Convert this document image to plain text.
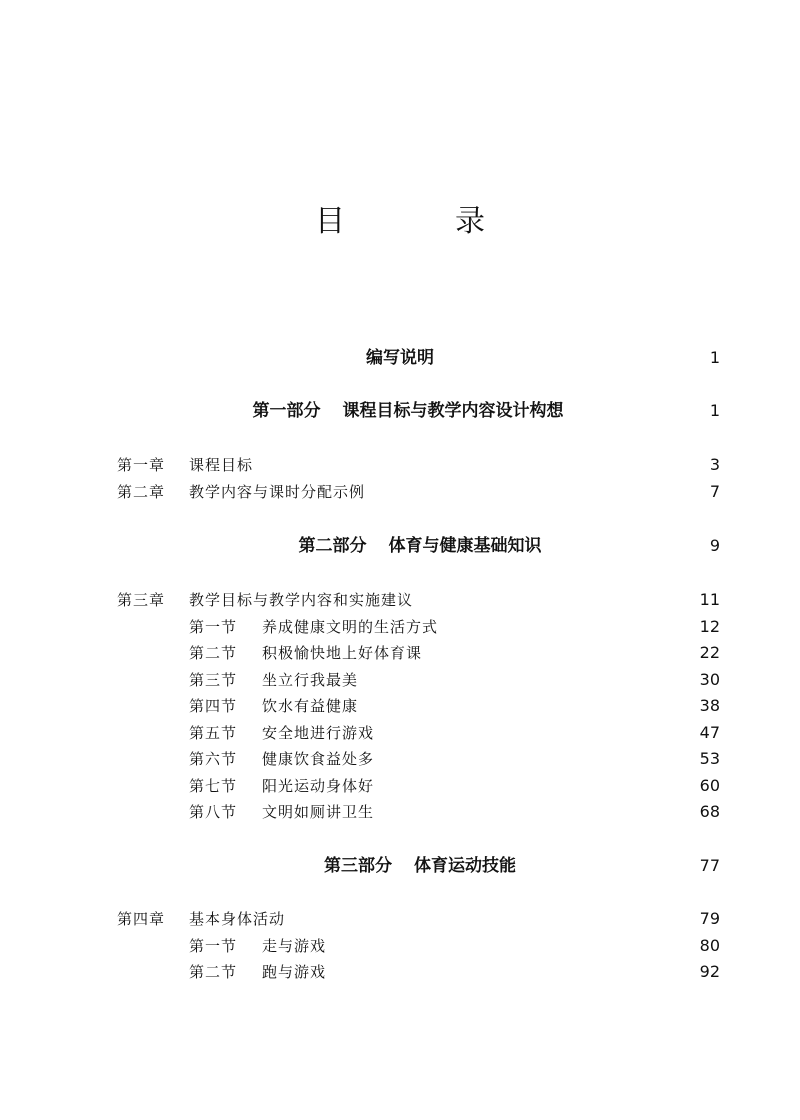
目　录
编写说明	1
第一部分 课程目标与教学内容设计构想	1
第一章 课程目标	3
第二章 教学内容与课时分配示例	7
第二部分 体育与健康基础知识	9
第三章 教学目标与教学内容和实施建议	11
第一节 养成健康文明的生活方式	12
第二节 积极愉快地上好体育课	22
第三节 坐立行我最美	30
第四节 饮水有益健康	38
第五节 安全地进行游戏	47
第六节 健康饮食益处多	53
第七节 阳光运动身体好	60
第八节 文明如厕讲卫生	68
第三部分 体育运动技能	77
第四章 基本身体活动	79
第一节 走与游戏	80
第二节 跑与游戏	92
